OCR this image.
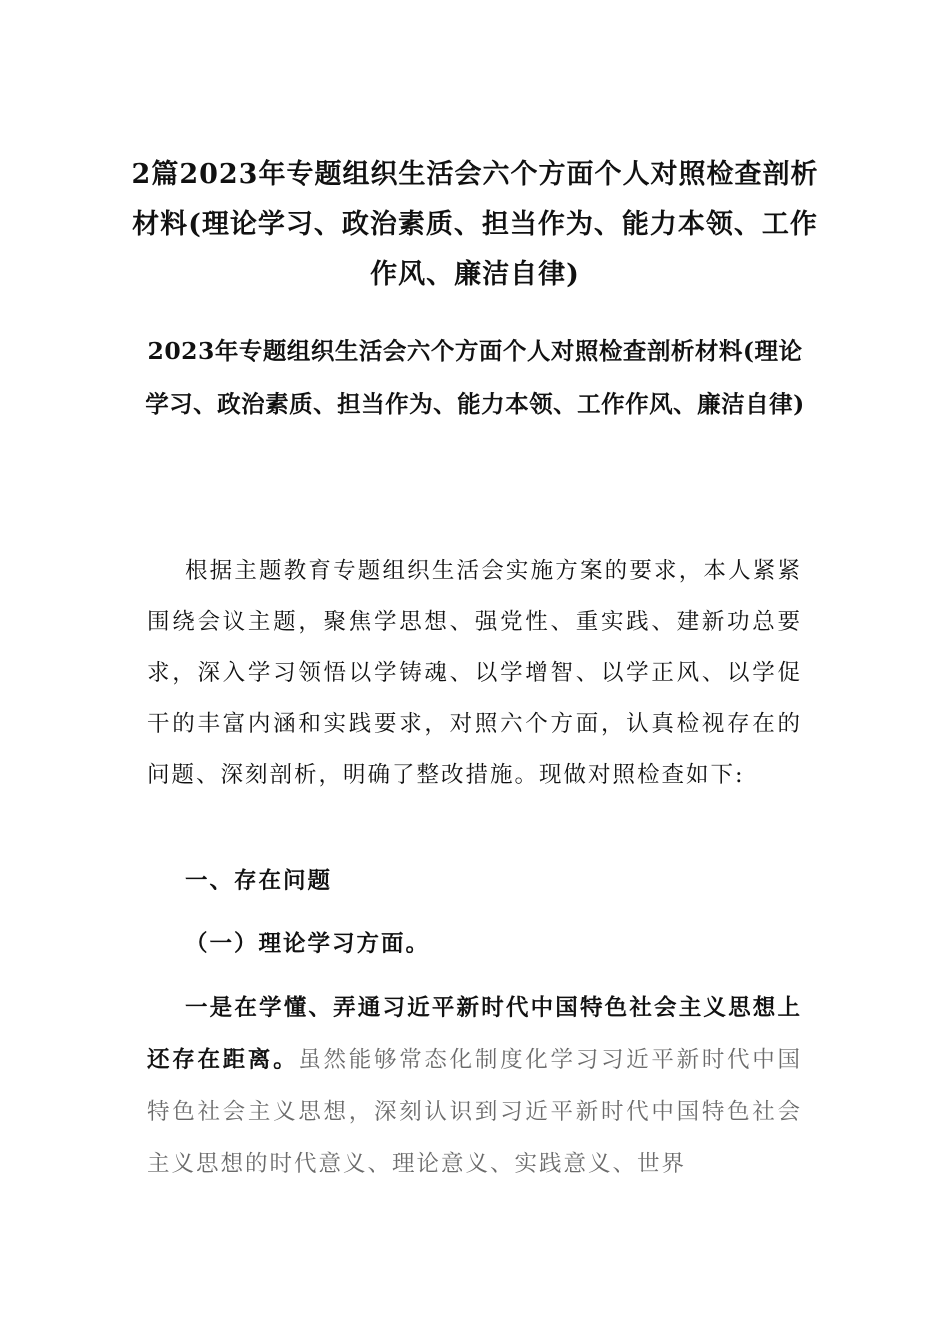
2篇2023年专题组织生活会六个方面个人对照检查剖析材料(理论学习、政治素质、担当作为、能力本领、工作作风、廉洁自律)
2023年专题组织生活会六个方面个人对照检查剖析材料(理论学习、政治素质、担当作为、能力本领、工作作风、廉洁自律)

根据主题教育专题组织生活会实施方案的要求，本人紧紧围绕会议主题，聚焦学思想、强党性、重实践、建新功总要求，深入学习领悟以学铸魂、以学增智、以学正风、以学促干的丰富内涵和实践要求，对照六个方面，认真检视存在的问题、深刻剖析，明确了整改措施。现做对照检查如下:

一、存在问题
（一）理论学习方面。

一是在学懂、弄通习近平新时代中国特色社会主义思想上还存在距离。虽然能够常态化制度化学习习近平新时代中国特色社会主义思想，深刻认识到习近平新时代中国特色社会主义思想的时代意义、理论意义、实践意义、世界
